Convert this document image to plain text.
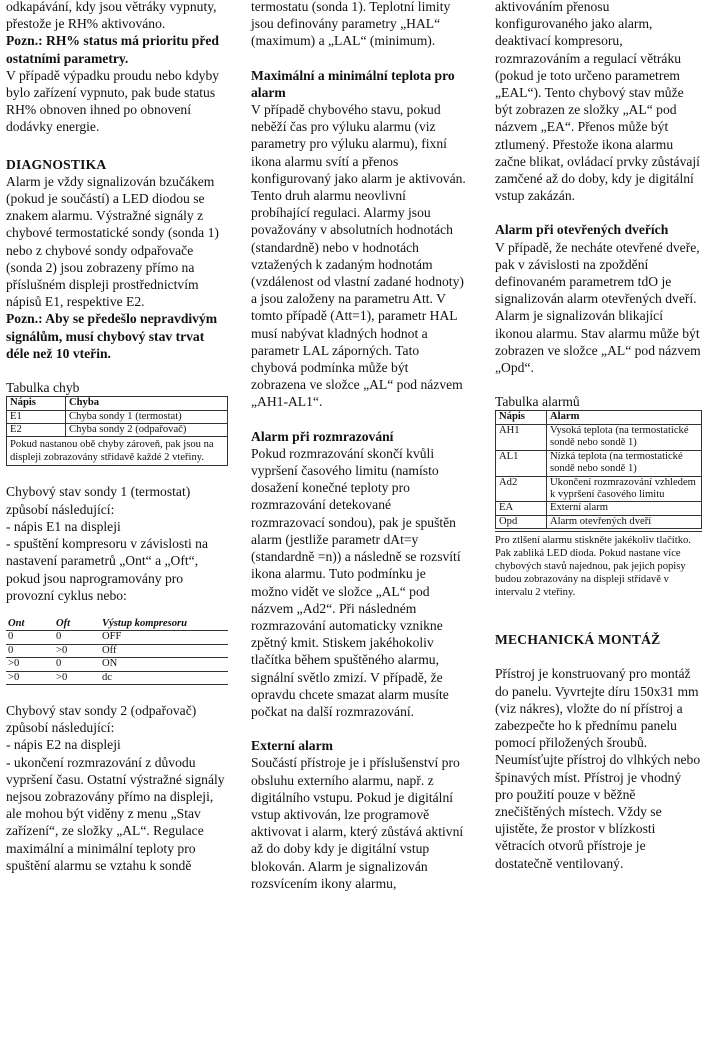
odkapávání, kdy jsou větráky vypnuty, přestože je RH% aktivováno.

Pozn.: RH% status má prioritu před ostatními parametry.

V případě výpadku proudu nebo kdyby bylo zařízení vypnuto, pak bude status RH% obnoven ihned po obnovení dodávky energie.

DIAGNOSTIKA

Alarm je vždy signalizován bzučákem (pokud je součástí) a LED diodou se znakem alarmu. Výstražné signály z chybové termostatické sondy (sonda 1) nebo z chybové sondy odpařovače (sonda 2) jsou zobrazeny přímo na příslušném displeji prostřednictvím nápisů E1, respektive E2.

Pozn.: Aby se předešlo nepravdivým signálům, musí chybový stav trvat déle než 10 vteřin.

Tabulka chyb

Nápis	Chyba
E1	Chyba sondy 1 (termostat)
E2	Chyba sondy 2 (odpařovač)
Pokud nastanou obě chyby zároveň, pak jsou na displeji zobrazovány střídavě každé 2 vteřiny.

Chybový stav sondy 1 (termostat) způsobí následující:

- nápis E1 na displeji

- spuštění kompresoru v závislosti na nastavení parametrů „Ont“ a „Oft“, pokud jsou naprogramovány pro provozní cyklus nebo:

Ont	Oft	Výstup kompresoru
0	0	OFF
0	>0	Off
>0	0	ON
>0	>0	dc

Chybový stav sondy 2 (odpařovač) způsobí následující:

- nápis E2 na displeji

- ukončení rozmrazování z důvodu vypršení času. Ostatní výstražné signály nejsou zobrazovány přímo na displeji, ale mohou být viděny z menu „Stav zařízení“, ze složky „AL“. Regulace maximální a minimální teploty pro spuštění alarmu se vztahu k sondě

termostatu (sonda 1). Teplotní limity jsou definovány parametry „HAL“ (maximum) a „LAL“ (minimum).

Maximální a minimální teplota pro alarm

V případě chybového stavu, pokud neběží čas pro výluku alarmu (viz parametry pro výluku alarmu), fixní ikona alarmu svítí a přenos konfigurovaný jako alarm je aktivován. Tento druh alarmu neovlivní probíhající regulaci. Alarmy jsou považovány v absolutních hodnotách (standardně) nebo v hodnotách vztažených k zadaným hodnotám (vzdálenost od vlastní zadané hodnoty) a jsou založeny na parametru Att. V tomto případě (Att=1), parametr HAL musí nabývat kladných hodnot a parametr LAL záporných. Tato chybová podmínka může být zobrazena ve složce „AL“ pod názvem „AH1-AL1“.

Alarm při rozmrazování

Pokud rozmrazování skončí kvůli vypršení časového limitu (namísto dosažení konečné teploty pro rozmrazování detekované rozmrazovací sondou), pak je spuštěn alarm (jestliže parametr dAt=y (standardně =n)) a následně se rozsvítí ikona alarmu. Tuto podmínku je možno vidět ve složce „AL“ pod názvem „Ad2“. Při následném rozmrazování automaticky vznikne zpětný kmit. Stiskem jakéhokoliv tlačítka během spuštěného alarmu, signální světlo zmizí. V případě, že opravdu chcete smazat alarm musíte počkat na další rozmrazování.

Externí alarm

Součástí přístroje je i příslušenství pro obsluhu externího alarmu, např. z digitálního vstupu. Pokud je digitální vstup aktivován, lze programově aktivovat i alarm, který zůstává aktivní až do doby kdy je digitální vstup blokován. Alarm je signalizován rozsvícením ikony alarmu,

aktivováním přenosu konfigurovaného jako alarm, deaktivací kompresoru, rozmrazováním a regulací větráku (pokud je toto určeno parametrem „EAL“). Tento chybový stav může být zobrazen ze složky „AL“ pod názvem „EA“. Přenos může být ztlumený. Přestože ikona alarmu začne blikat, ovládací prvky zůstávají zamčené až do doby, kdy je digitální vstup zakázán.

Alarm při otevřených dveřích

V případě, že necháte otevřené dveře, pak v závislosti na zpoždění definovaném parametrem tdO je signalizován alarm otevřených dveří. Alarm je signalizován blikající ikonou alarmu. Stav alarmu může být zobrazen ve složce „AL“ pod názvem „Opd“.

Tabulka alarmů

Nápis	Alarm
AH1	Vysoká teplota (na termostatické sondě nebo sondě 1)
AL1	Nízká teplota (na termostatické sondě nebo sondě 1)
Ad2	Ukončení rozmrazování vzhledem k vypršení časového limitu
EA	Externí alarm
Opd	Alarm otevřených dveří
Pro ztlšení alarmu stiskněte jakékoliv tlačítko. Pak zabliká LED dioda. Pokud nastane více chybových stavů najednou, pak jejich popisy budou zobrazovány na displeji střídavě v intervalu 2 vteřiny.

MECHANICKÁ MONTÁŽ

Přístroj je konstruovaný pro montáž do panelu. Vyvrtejte díru 150x31 mm (viz nákres), vložte do ní přístroj a zabezpečte ho k přednímu panelu pomocí přiložených šroubů. Neumísťujte přístroj do vlhkých nebo špinavých míst. Přístroj je vhodný pro použití pouze v běžně znečištěných místech. Vždy se ujistěte, že prostor v blízkosti větracích otvorů přístroje je dostatečně ventilovaný.
